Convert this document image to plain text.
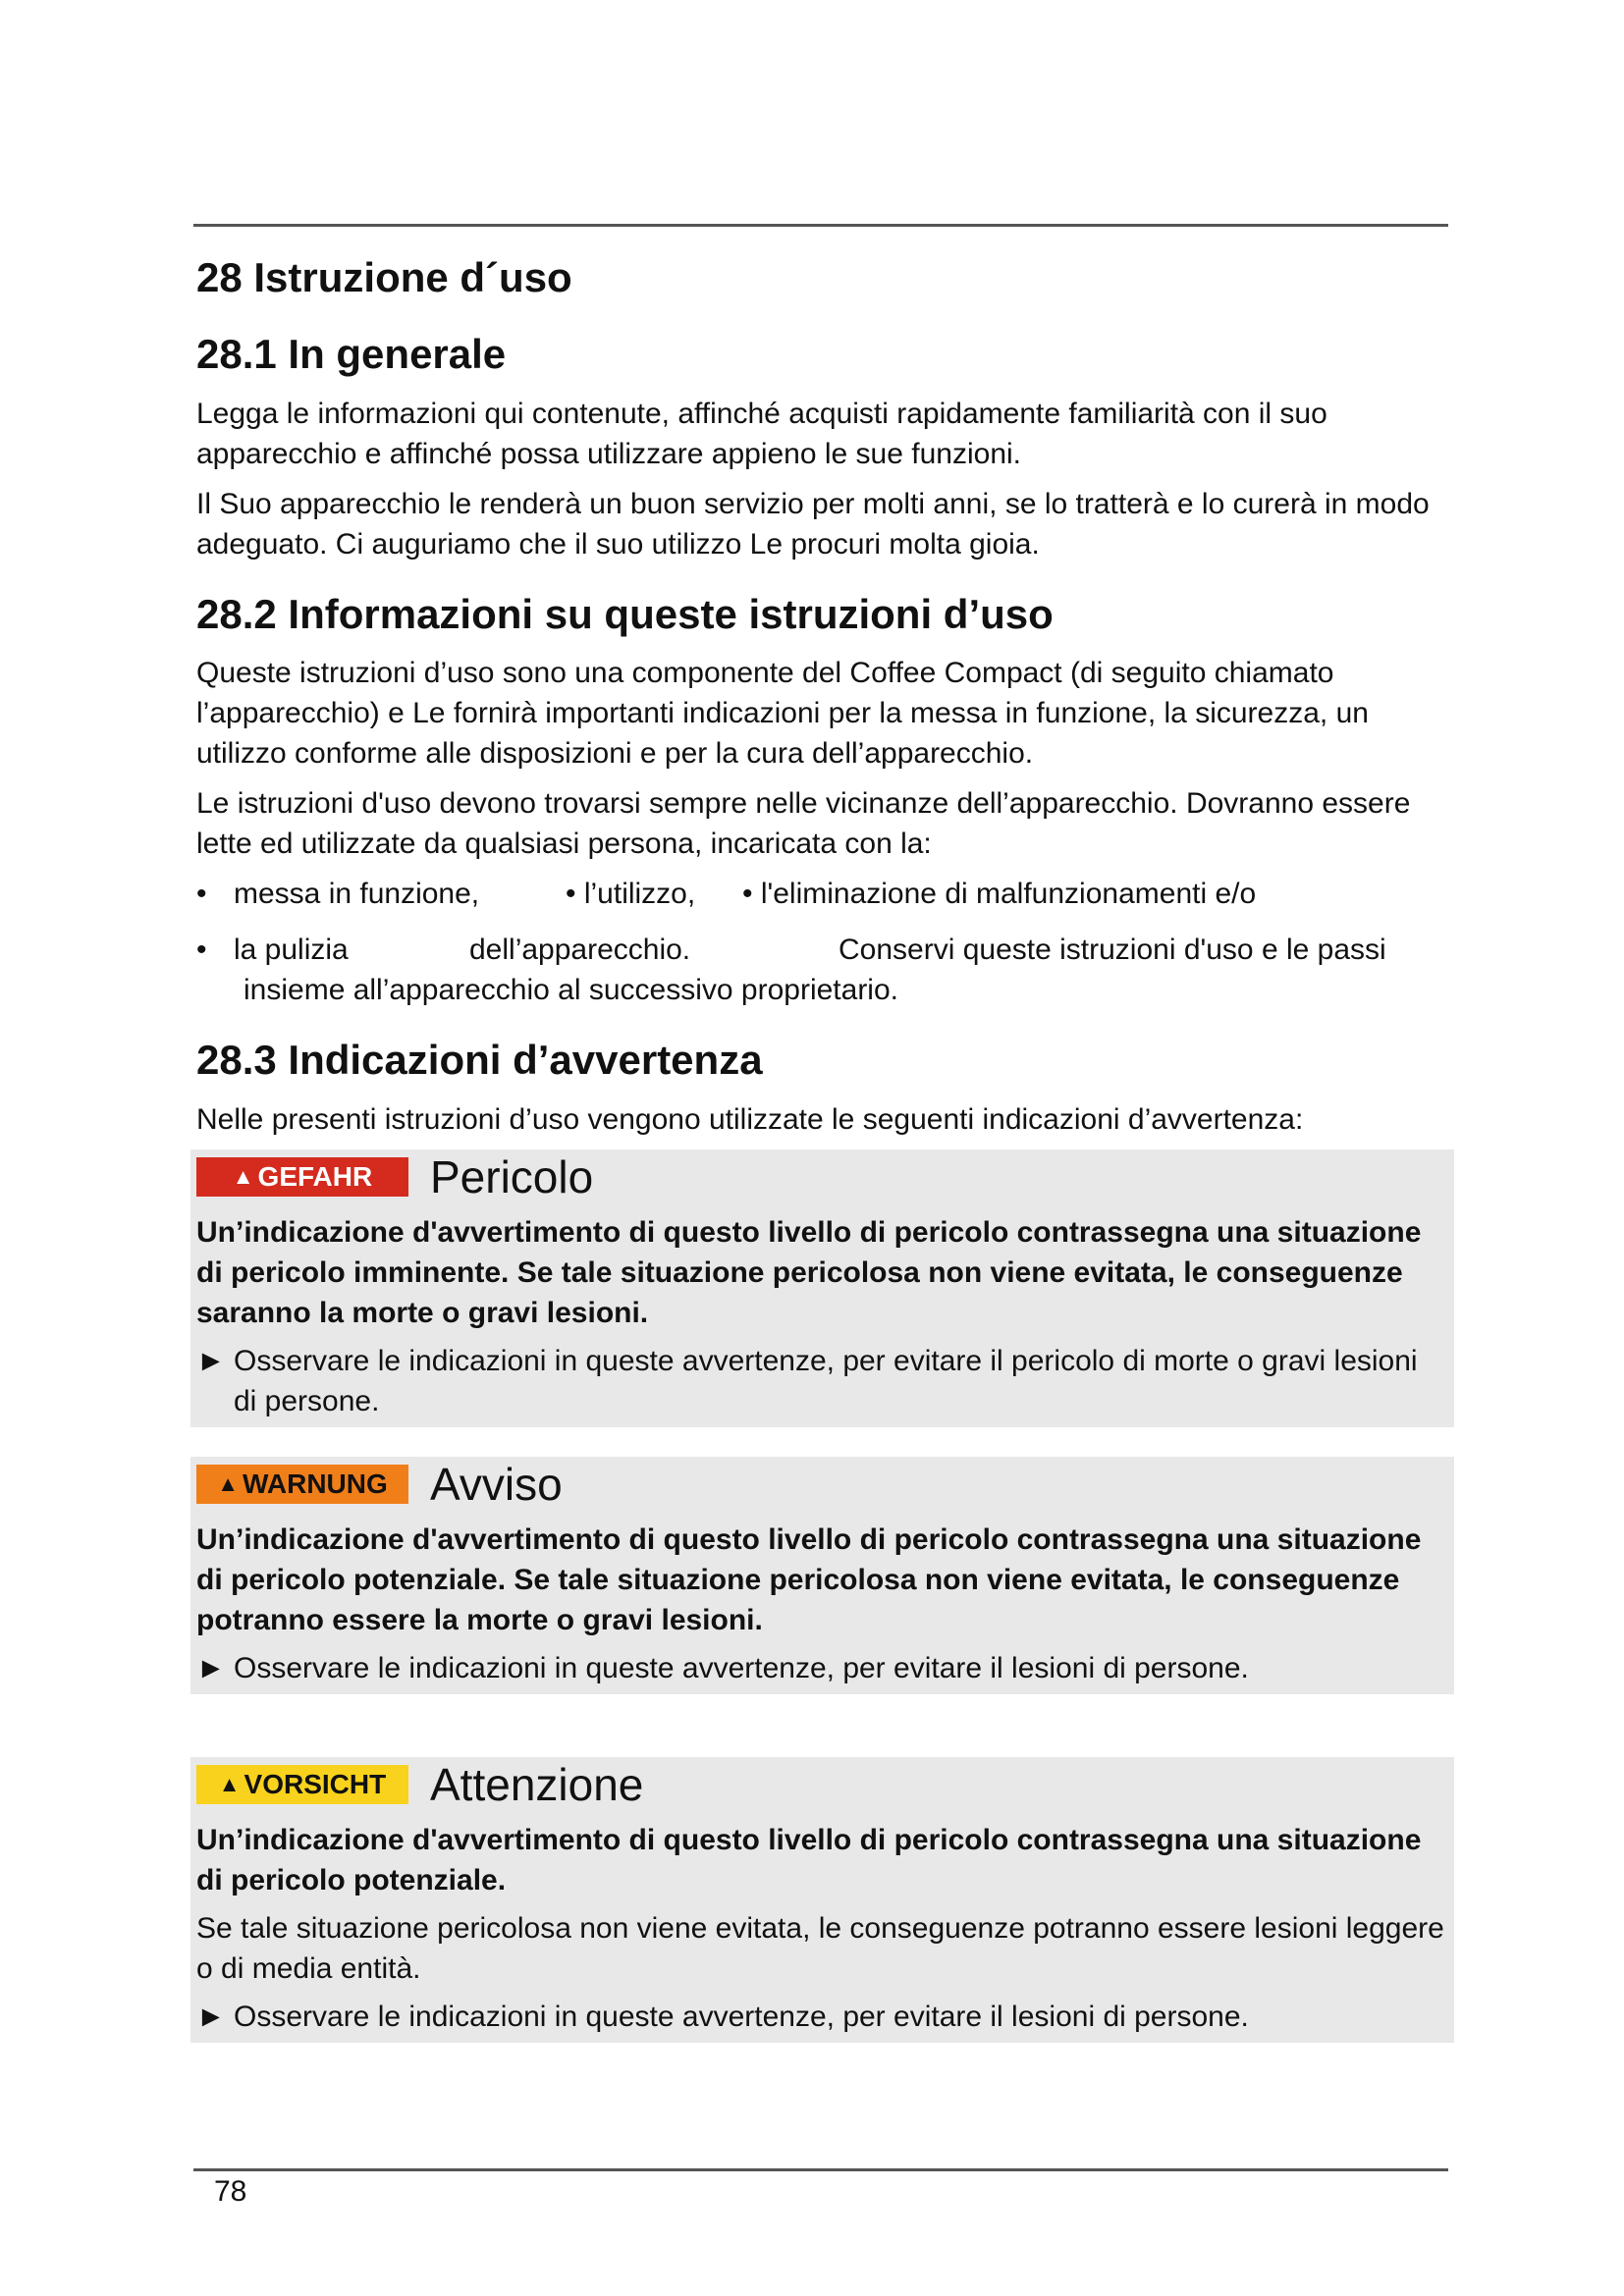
28 Istruzione d´uso
28.1 In generale

Legga le informazioni qui contenute, affinché acquisti rapidamente familiarità con il suo apparecchio e affinché possa utilizzare appieno le sue funzioni.

Il Suo apparecchio le renderà un buon servizio per molti anni, se lo tratterà e lo curerà in modo adeguato. Ci auguriamo che il suo utilizzo Le procuri molta gioia.

28.2 Informazioni su queste istruzioni d’uso

Queste istruzioni d’uso sono una componente del Coffee Compact (di seguito chiamato l’apparecchio) e Le fornirà importanti indicazioni per la messa in funzione, la sicurezza, un utilizzo conforme alle disposizioni e per la cura dell’apparecchio.

Le istruzioni d'uso devono trovarsi sempre nelle vicinanze dell’apparecchio. Dovranno essere lette ed utilizzate da qualsiasi persona, incaricata con la:

• messa in funzione,	• l’utilizzo,	• l'eliminazione di malfunzionamenti e/o
• la pulizia	dell’apparecchio.	Conservi queste istruzioni d'uso e le passi
insieme all’apparecchio al successivo proprietario.
28.3 Indicazioni d’avvertenza

Nelle presenti istruzioni d’uso vengono utilizzate le seguenti indicazioni d’avvertenza:

▲ GEFAHR Pericolo
Un’indicazione d'avvertimento di questo livello di pericolo contrassegna una situazione di pericolo imminente. Se tale situazione pericolosa non viene evitata, le conseguenze saranno la morte o gravi lesioni.
► Osservare le indicazioni in queste avvertenze, per evitare il pericolo di morte o gravi lesioni di persone.
▲ WARNUNG Avviso
Un’indicazione d'avvertimento di questo livello di pericolo contrassegna una situazione di pericolo potenziale. Se tale situazione pericolosa non viene evitata, le conseguenze potranno essere la morte o gravi lesioni.
► Osservare le indicazioni in queste avvertenze, per evitare il lesioni di persone.
▲ VORSICHT Attenzione
Un’indicazione d'avvertimento di questo livello di pericolo contrassegna una situazione di pericolo potenziale.
Se tale situazione pericolosa non viene evitata, le conseguenze potranno essere lesioni leggere o di media entità.
► Osservare le indicazioni in queste avvertenze, per evitare il lesioni di persone.
78
